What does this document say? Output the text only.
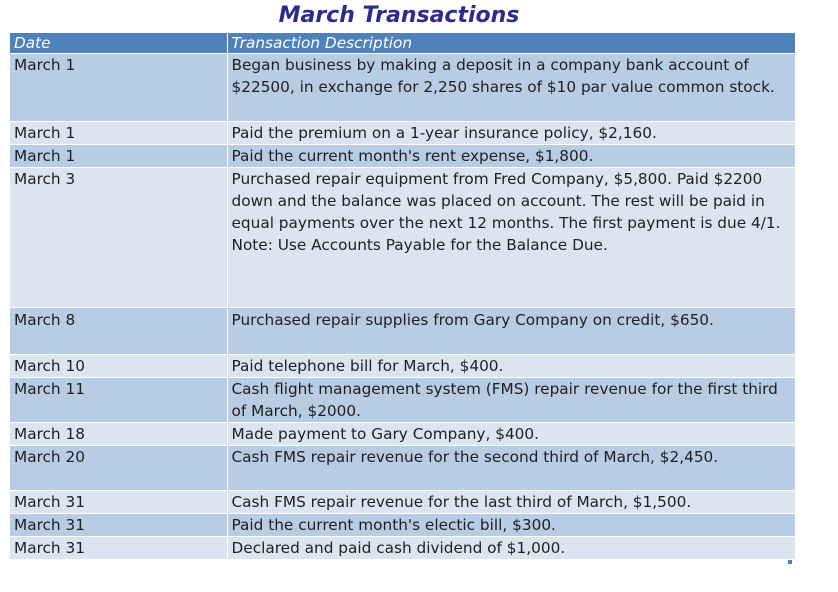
March Transactions
Date	Transaction Description
March 1	Began business by making a deposit in a company bank account of $22500, in exchange for 2,250 shares of $10 par value common stock.
March 1	Paid the premium on a 1-year insurance policy, $2,160.
March 1	Paid the current month's rent expense, $1,800.
March 3	Purchased repair equipment from Fred Company, $5,800. Paid $2200 down and the balance was placed on account. The rest will be paid in equal payments over the next 12 months. The first payment is due 4/1. Note: Use Accounts Payable for the Balance Due.
March 8	Purchased repair supplies from Gary Company on credit, $650.
March 10	Paid telephone bill for March, $400.
March 11	Cash flight management system (FMS) repair revenue for the first third of March, $2000.
March 18	Made payment to Gary Company, $400.
March 20	Cash FMS repair revenue for the second third of March, $2,450.
March 31	Cash FMS repair revenue for the last third of March, $1,500.
March 31	Paid the current month's electic bill, $300.
March 31	Declared and paid cash dividend of $1,000.
